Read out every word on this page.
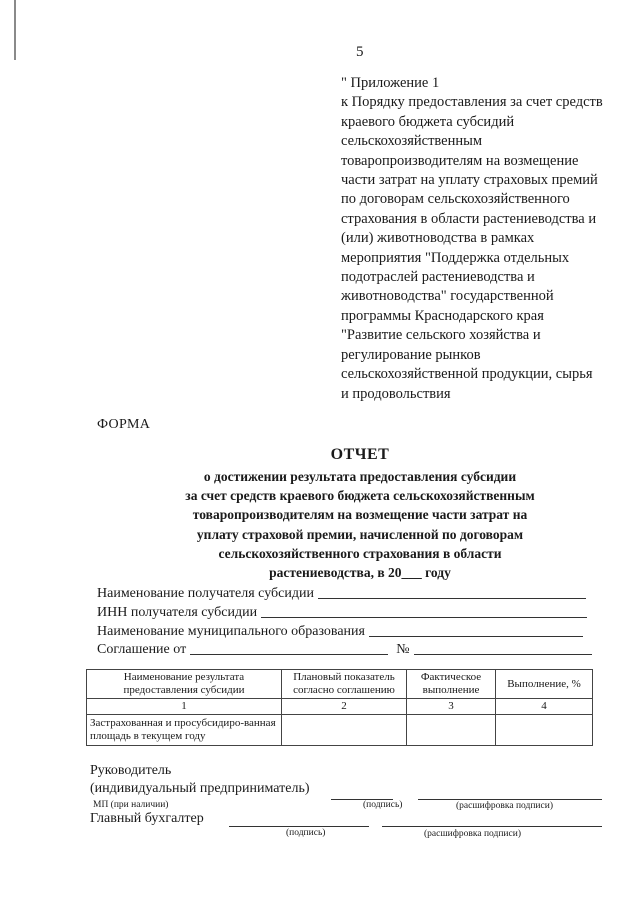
5
" Приложение 1
к Порядку предоставления за счет средств
краевого бюджета субсидий
сельскохозяйственным
товаропроизводителям на возмещение
части затрат на уплату страховых премий
по договорам сельскохозяйственного
страхования в области растениеводства и
(или) животноводства в рамках
мероприятия "Поддержка отдельных
подотраслей растениеводства и
животноводства" государственной
программы Краснодарского края
"Развитие сельского хозяйства и
регулирование рынков
сельскохозяйственной продукции, сырья
и продовольствия
ФОРМА
ОТЧЕТ
о достижении результата предоставления субсидии
за счет средств краевого бюджета сельскохозяйственным
товаропроизводителям на возмещение части затрат на
уплату страховой премии, начисленной по договорам
сельскохозяйственного страхования в области
растениеводства, в 20___ году
Наименование получателя субсидии
ИНН получателя субсидии
Наименование муниципального образования
Соглашение от	№
Наименование результата предоставления субсидии	Плановый показатель согласно соглашению	Фактическое выполнение	Выполнение, %
1	2	3	4
Застрахованная и просубсидиро-ванная площадь в текущем году			
Руководитель
(индивидуальный предприниматель)
МП (при наличии)	(подпись)	(расшифровка подписи)
Главный бухгалтер
(подпись)	(расшифровка подписи)
